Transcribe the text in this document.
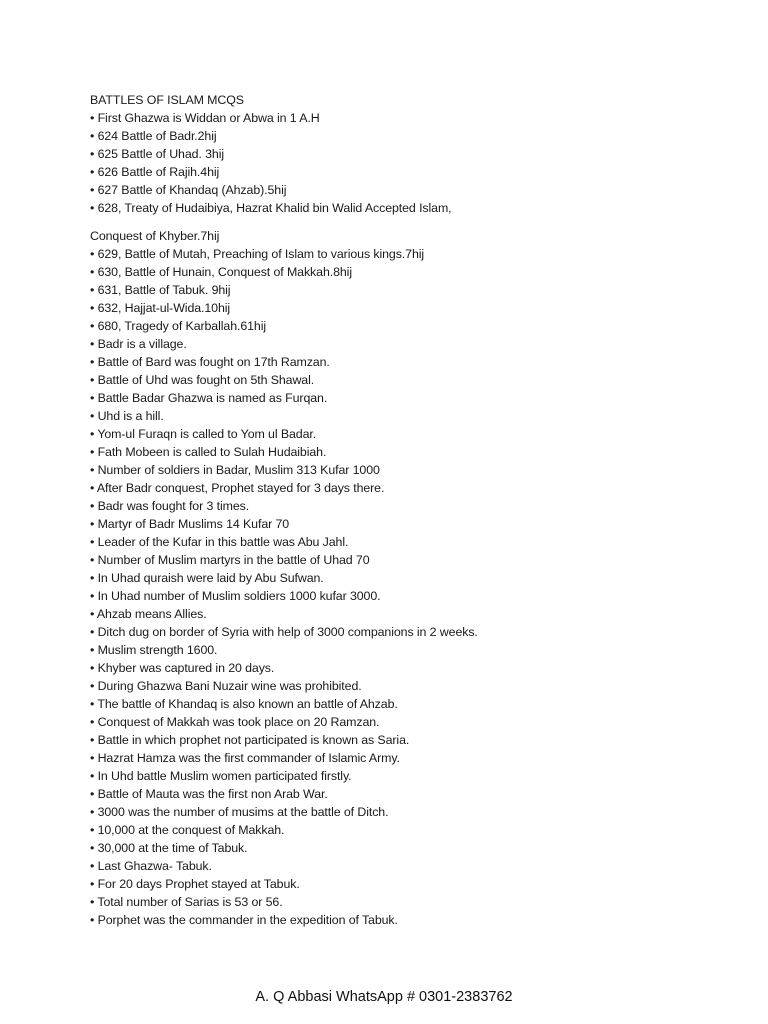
BATTLES OF ISLAM MCQS
• First Ghazwa is Widdan or Abwa in 1 A.H
• 624 Battle of Badr.2hij
• 625 Battle of Uhad. 3hij
• 626 Battle of Rajih.4hij
• 627 Battle of Khandaq (Ahzab).5hij
• 628, Treaty of Hudaibiya, Hazrat Khalid bin Walid Accepted Islam,
Conquest of Khyber.7hij
• 629, Battle of Mutah, Preaching of Islam to various kings.7hij
• 630, Battle of Hunain, Conquest of Makkah.8hij
• 631, Battle of Tabuk. 9hij
• 632, Hajjat-ul-Wida.10hij
• 680, Tragedy of Karballah.61hij
• Badr is a village.
• Battle of Bard was fought on 17th Ramzan.
• Battle of Uhd was fought on 5th Shawal.
• Battle Badar Ghazwa is named as Furqan.
• Uhd is a hill.
• Yom-ul Furaqn is called to Yom ul Badar.
• Fath Mobeen is called to Sulah Hudaibiah.
• Number of soldiers in Badar, Muslim 313 Kufar 1000
• After Badr conquest, Prophet stayed for 3 days there.
• Badr was fought for 3 times.
• Martyr of Badr Muslims 14 Kufar 70
• Leader of the Kufar in this battle was Abu Jahl.
• Number of Muslim martyrs in the battle of Uhad 70
• In Uhad quraish were laid by Abu Sufwan.
• In Uhad number of Muslim soldiers 1000 kufar 3000.
• Ahzab means Allies.
• Ditch dug on border of Syria with help of 3000 companions in 2 weeks.
• Muslim strength 1600.
• Khyber was captured in 20 days.
• During Ghazwa Bani Nuzair wine was prohibited.
• The battle of Khandaq is also known an battle of Ahzab.
• Conquest of Makkah was took place on 20 Ramzan.
• Battle in which prophet not participated is known as Saria.
• Hazrat Hamza was the first commander of Islamic Army.
• In Uhd battle Muslim women participated firstly.
• Battle of Mauta was the first non Arab War.
• 3000 was the number of musims at the battle of Ditch.
• 10,000 at the conquest of Makkah.
• 30,000 at the time of Tabuk.
• Last Ghazwa- Tabuk.
• For 20 days Prophet stayed at Tabuk.
• Total number of Sarias is 53 or 56.
• Porphet was the commander in the expedition of Tabuk.
A. Q Abbasi WhatsApp # 0301-2383762
